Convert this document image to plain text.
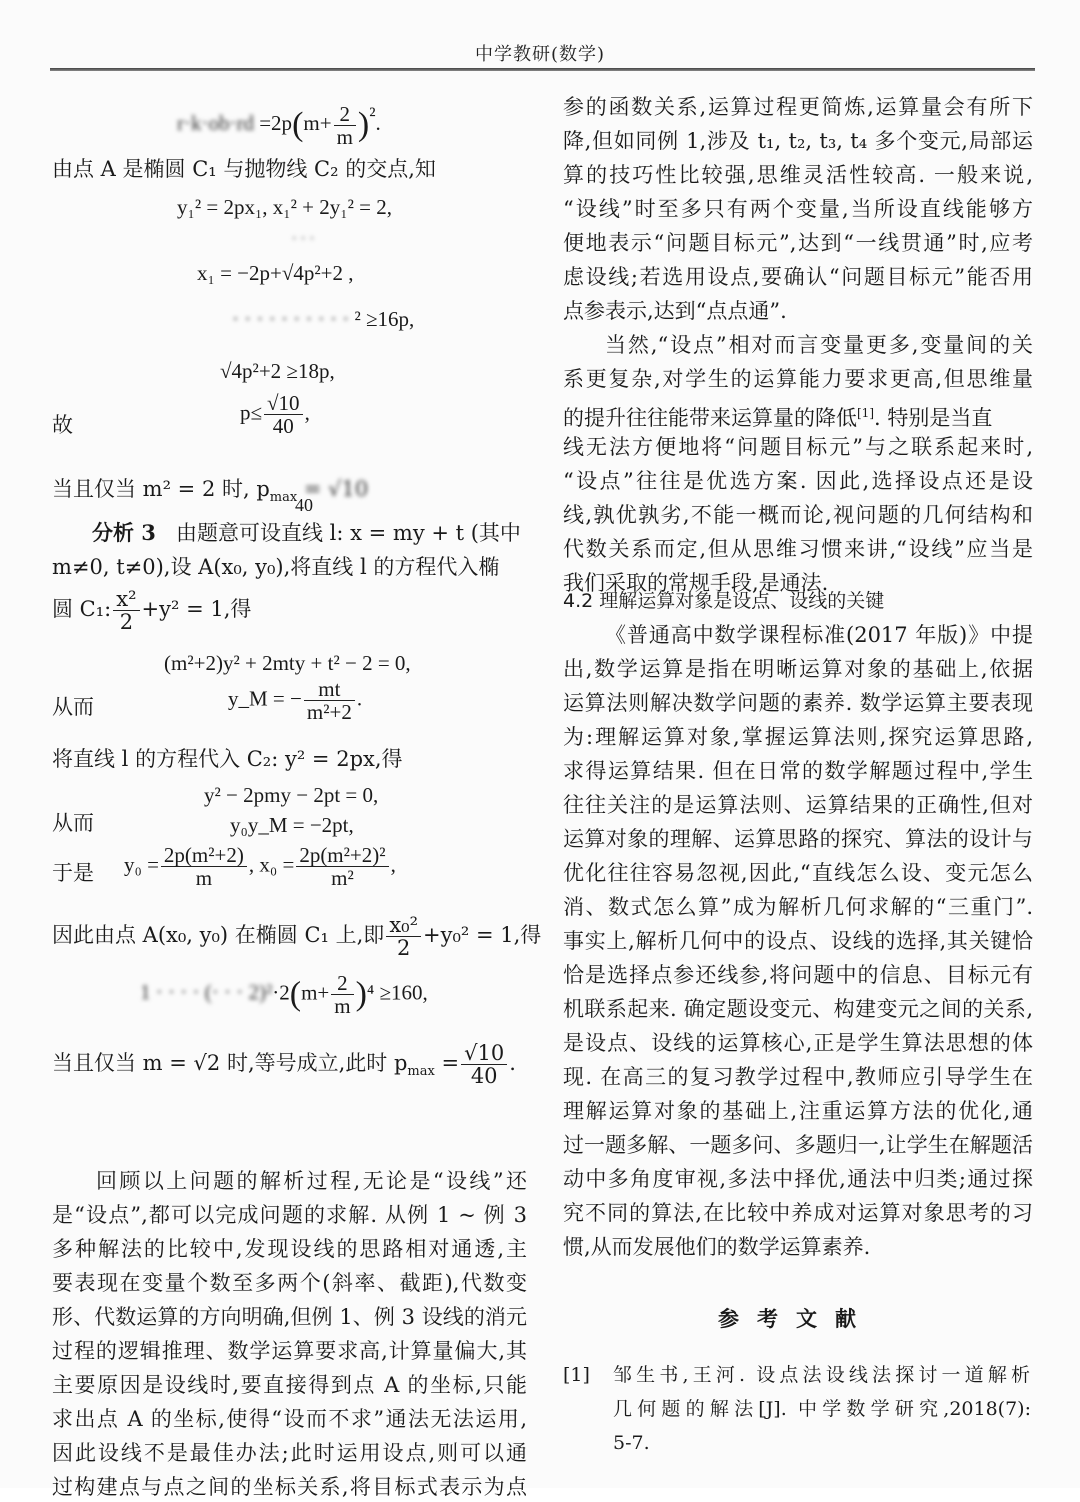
中学教研(数学)
$r\cdot k\cdot ob\cdot rd =2p(m+ \frac{2}{m} )^2$.
由点 A 是椭圆 C₁ 与抛物线 C₂ 的交点,知
y₁² = 2px₁, x₁² + 2y₁² = 2,
· · ·
x₁ = −2p+√4p²+2 ,
· · · · · · · · · · ² ≥16p,
√4p²+2 ≥18p,
故
$p\le \frac{√10}{40}$ ,
当且仅当 m² = 2 时, $p_{max} = √10$
40
分析 3 由题意可设直线 l: x = my + t (其中
m≠0, t≠0),设 A(x₀, y₀),将直线 l 的方程代入椭
圆 C₁: $\frac{\text{x²}}{2} +y^2 = 1$,得
(m²+2)y² + 2mty + t² − 2 = 0,
从而	y_M = − $\frac{mt}{\text{m²+2}}$ .
将直线 l 的方程代入 C₂: y² = 2px,得
y² − 2pmy − 2pt = 0,
从而	y₀y_M = −2pt,
于是 $y_0 = \frac{\text{2p(m²+2)}}{m}$ , $x_0 = \frac{\text{2p(m²+2)²}}{\text{m²}}$ ,
因此由点 A(x₀, y₀) 在椭圆 C₁ 上,即 $\frac{\text{x₀²}}{2} +y_0^2 = 1$,得
1 · · · · (· · · $2)^2\cdot 2(m+ \frac{2}{m} )^4 \ge 160$,
当且仅当 m = √2 时,等号成立,此时 $p_{max} = \frac{√10}{40}$ .
回顾以上问题的解析过程,无论是“设线”还
是“设点”,都可以完成问题的求解. 从例 1 ~ 例 3
多种解法的比较中,发现设线的思路相对通透,主
要表现在变量个数至多两个(斜率、截距),代数变
形、代数运算的方向明确,但例 1、例 3 设线的消元
过程的逻辑推理、数学运算要求高,计算量偏大,其
主要原因是设线时,要直接得到点 A 的坐标,只能
求出点 A 的坐标,使得“设而不求”通法无法运用,
因此设线不是最佳办法;此时运用设点,则可以通
过构建点与点之间的坐标关系,将目标式表示为点
参的函数关系,运算过程更简炼,运算量会有所下
降,但如同例 1,涉及 t₁, t₂, t₃, t₄ 多个变元,局部运
算的技巧性比较强,思维灵活性较高. 一般来说,
“设线”时至多只有两个变量,当所设直线能够方
便地表示“问题目标元”,达到“一线贯通”时,应考
虑设线;若选用设点,要确认“问题目标元”能否用
点参表示,达到“点点通”.
当然,“设点”相对而言变量更多,变量间的关
系更复杂,对学生的运算能力要求更高,但思维量
的提升往往能带来运算量的降低[1]. 特别是当直
线无法方便地将“问题目标元”与之联系起来时,
“设点”往往是优选方案. 因此,选择设点还是设
线,孰优孰劣,不能一概而论,视问题的几何结构和
代数关系而定,但从思维习惯来讲,“设线”应当是
我们采取的常规手段,是通法.
4.2 理解运算对象是设点、设线的关键
《普通高中数学课程标准(2017 年版)》中提
出,数学运算是指在明晰运算对象的基础上,依据
运算法则解决数学问题的素养. 数学运算主要表现
为:理解运算对象,掌握运算法则,探究运算思路,
求得运算结果. 但在日常的数学解题过程中,学生
往往关注的是运算法则、运算结果的正确性,但对
运算对象的理解、运算思路的探究、算法的设计与
优化往往容易忽视,因此,“直线怎么设、变元怎么
消、数式怎么算”成为解析几何求解的“三重门”.
事实上,解析几何中的设点、设线的选择,其关键恰
恰是选择点参还线参,将问题中的信息、目标元有
机联系起来. 确定题设变元、构建变元之间的关系,
是设点、设线的运算核心,正是学生算法思想的体
现. 在高三的复习教学过程中,教师应引导学生在
理解运算对象的基础上,注重运算方法的优化,通
过一题多解、一题多问、多题归一,让学生在解题活
动中多角度审视,多法中择优,通法中归类;通过探
究不同的算法,在比较中养成对运算对象思考的习
惯,从而发展他们的数学运算素养.
参考文献
[1] 邹生书,王河. 设点法设线法探讨一道解析
几何题的解法[J]. 中学数学研究,2018(7):
5-7.
